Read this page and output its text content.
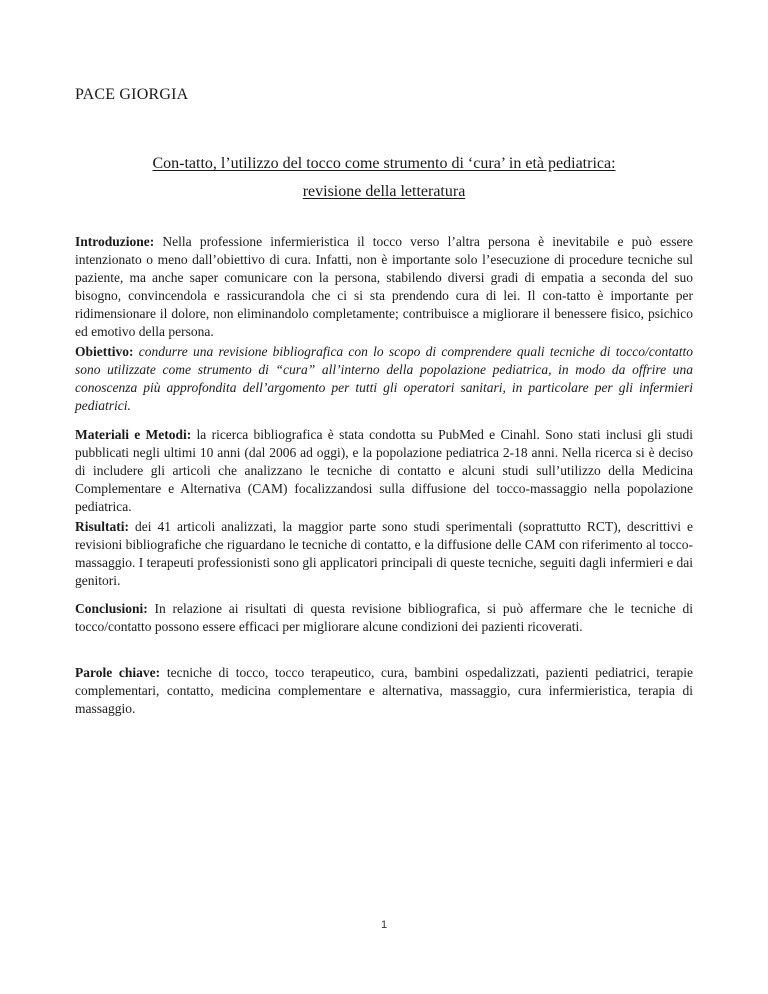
PACE GIORGIA
Con-tatto, l’utilizzo del tocco come strumento di ‘cura’ in età pediatrica:
revisione della letteratura

Introduzione: Nella professione infermieristica il tocco verso l’altra persona è inevitabile e può essere intenzionato o meno dall’obiettivo di cura. Infatti, non è importante solo l’esecuzione di procedure tecniche sul paziente, ma anche saper comunicare con la persona, stabilendo diversi gradi di empatia a seconda del suo bisogno, convincendola e rassicurandola che ci si sta prendendo cura di lei. Il con-tatto è importante per ridimensionare il dolore, non eliminandolo completamente; contribuisce a migliorare il benessere fisico, psichico ed emotivo della persona.

Obiettivo: condurre una revisione bibliografica con lo scopo di comprendere quali tecniche di tocco/contatto sono utilizzate come strumento di “cura” all’interno della popolazione pediatrica, in modo da offrire una conoscenza più approfondita dell’argomento per tutti gli operatori sanitari, in particolare per gli infermieri pediatrici.

Materiali e Metodi: la ricerca bibliografica è stata condotta su PubMed e Cinahl. Sono stati inclusi gli studi pubblicati negli ultimi 10 anni (dal 2006 ad oggi), e la popolazione pediatrica 2-18 anni. Nella ricerca si è deciso di includere gli articoli che analizzano le tecniche di contatto e alcuni studi sull’utilizzo della Medicina Complementare e Alternativa (CAM) focalizzandosi sulla diffusione del tocco-massaggio nella popolazione pediatrica.

Risultati: dei 41 articoli analizzati, la maggior parte sono studi sperimentali (soprattutto RCT), descrittivi e revisioni bibliografiche che riguardano le tecniche di contatto, e la diffusione delle CAM con riferimento al tocco-massaggio. I terapeuti professionisti sono gli applicatori principali di queste tecniche, seguiti dagli infermieri e dai genitori.

Conclusioni: In relazione ai risultati di questa revisione bibliografica, si può affermare che le tecniche di tocco/contatto possono essere efficaci per migliorare alcune condizioni dei pazienti ricoverati.

Parole chiave: tecniche di tocco, tocco terapeutico, cura, bambini ospedalizzati, pazienti pediatrici, terapie complementari, contatto, medicina complementare e alternativa, massaggio, cura infermieristica, terapia di massaggio.

1
